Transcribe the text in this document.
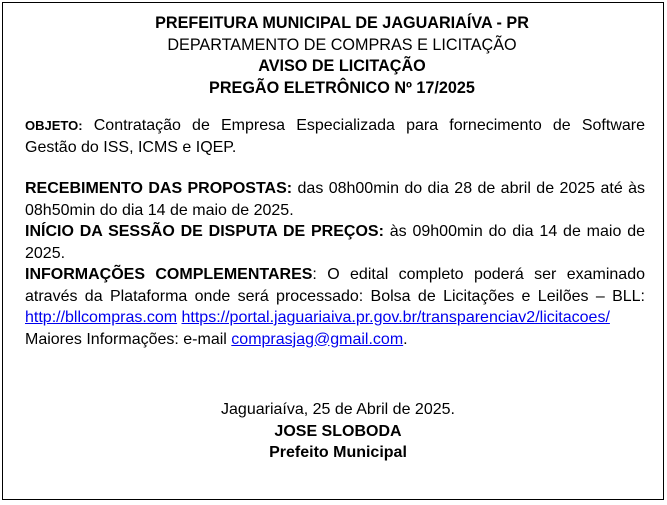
PREFEITURA MUNICIPAL DE JAGUARIAÍVA - PR
DEPARTAMENTO DE COMPRAS E LICITAÇÃO
AVISO DE LICITAÇÃO
PREGÃO ELETRÔNICO Nº 17/2025
OBJETO: Contratação de Empresa Especializada para fornecimento de Software Gestão do ISS, ICMS e IQEP.
RECEBIMENTO DAS PROPOSTAS: das 08h00min do dia 28 de abril de 2025 até às 08h50min do dia 14 de maio de 2025.
INÍCIO DA SESSÃO DE DISPUTA DE PREÇOS: às 09h00min do dia 14 de maio de 2025.
INFORMAÇÕES COMPLEMENTARES: O edital completo poderá ser examinado através da Plataforma onde será processado: Bolsa de Licitações e Leilões – BLL: http://bllcompras.com https://portal.jaguariaiva.pr.gov.br/transparenciav2/licitacoes/
Maiores Informações: e-mail comprasjag@gmail.com.
Jaguariaíva, 25 de Abril de 2025.
JOSE SLOBODA
Prefeito Municipal
